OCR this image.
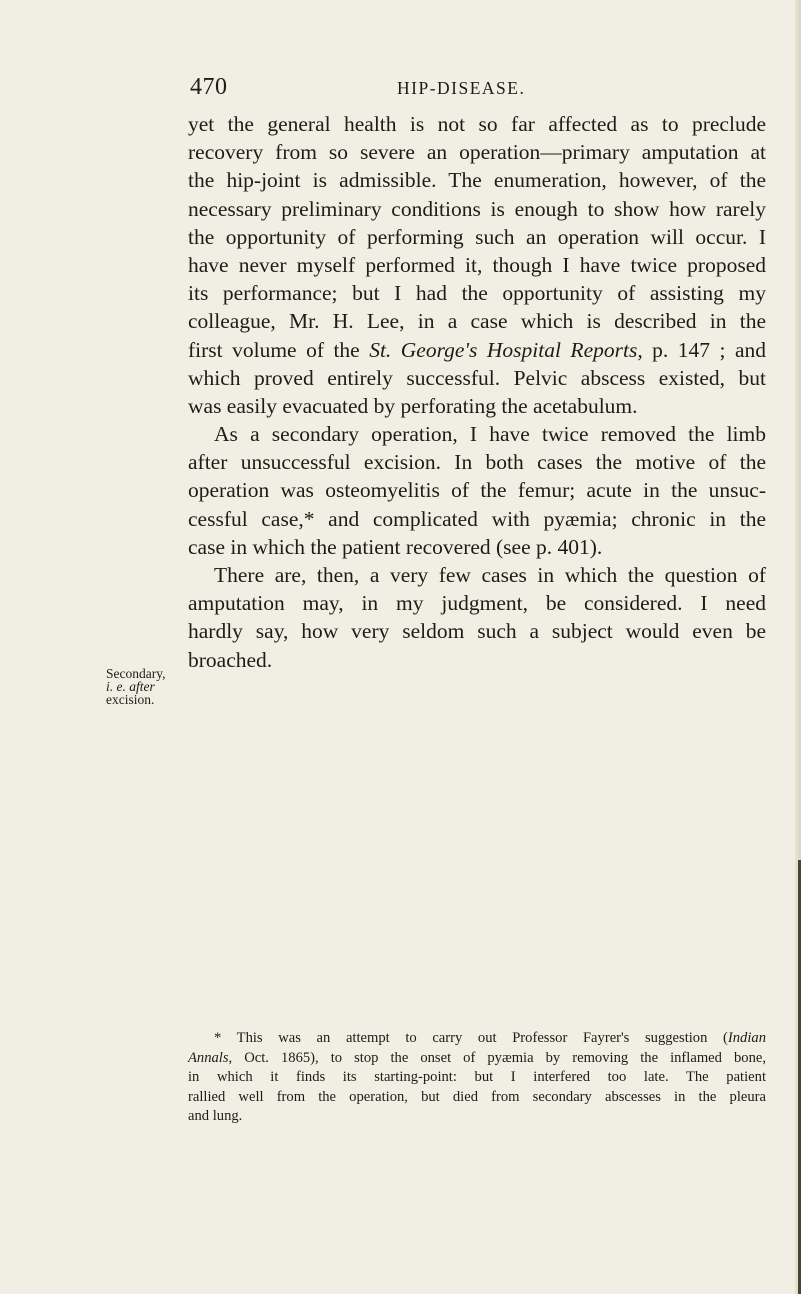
470	HIP-DISEASE.
Secondary,
i. e. after
excision.
yet the general health is not so far affected as to preclude
recovery from so severe an operation—primary amputation at
the hip-joint is admissible. The enumeration, however, of the
necessary preliminary conditions is enough to show how rarely
the opportunity of performing such an operation will occur. I
have never myself performed it, though I have twice proposed
its performance; but I had the opportunity of assisting my
colleague, Mr. H. Lee, in a case which is described in the
first volume of the St. George's Hospital Reports, p. 147 ; and
which proved entirely successful. Pelvic abscess existed, but
was easily evacuated by perforating the acetabulum.
As a secondary operation, I have twice removed the limb
after unsuccessful excision. In both cases the motive of the
operation was osteomyelitis of the femur; acute in the unsuc-
cessful case,* and complicated with pyæmia; chronic in the
case in which the patient recovered (see p. 401).
There are, then, a very few cases in which the question of
amputation may, in my judgment, be considered. I need
hardly say, how very seldom such a subject would even be
broached.
* This was an attempt to carry out Professor Fayrer's suggestion (Indian
Annals, Oct. 1865), to stop the onset of pyæmia by removing the inflamed bone,
in which it finds its starting-point: but I interfered too late. The patient
rallied well from the operation, but died from secondary abscesses in the pleura
and lung.
